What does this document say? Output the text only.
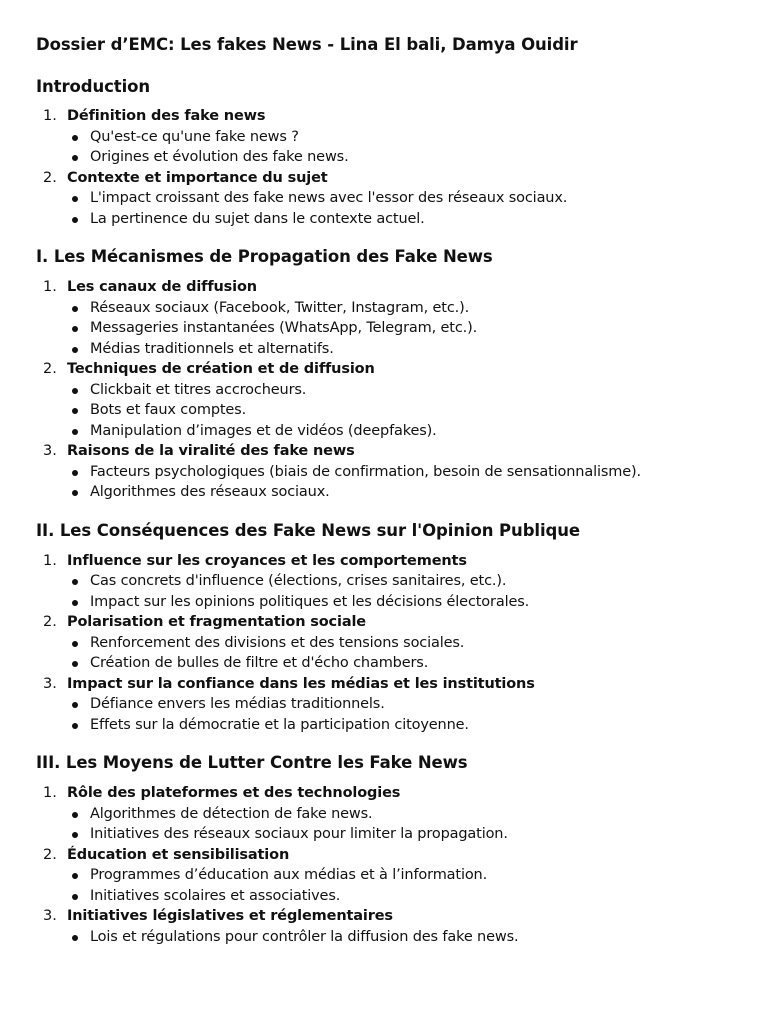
Dossier d’EMC: Les fakes News - Lina El bali, Damya Ouidir
Introduction
1. Définition des fake news
Qu'est-ce qu'une fake news ?
Origines et évolution des fake news.
2. Contexte et importance du sujet
L'impact croissant des fake news avec l'essor des réseaux sociaux.
La pertinence du sujet dans le contexte actuel.
I. Les Mécanismes de Propagation des Fake News
1. Les canaux de diffusion
Réseaux sociaux (Facebook, Twitter, Instagram, etc.).
Messageries instantanées (WhatsApp, Telegram, etc.).
Médias traditionnels et alternatifs.
2. Techniques de création et de diffusion
Clickbait et titres accrocheurs.
Bots et faux comptes.
Manipulation d’images et de vidéos (deepfakes).
3. Raisons de la viralité des fake news
Facteurs psychologiques (biais de confirmation, besoin de sensationnalisme).
Algorithmes des réseaux sociaux.
II. Les Conséquences des Fake News sur l'Opinion Publique
1. Influence sur les croyances et les comportements
Cas concrets d'influence (élections, crises sanitaires, etc.).
Impact sur les opinions politiques et les décisions électorales.
2. Polarisation et fragmentation sociale
Renforcement des divisions et des tensions sociales.
Création de bulles de filtre et d'écho chambers.
3. Impact sur la confiance dans les médias et les institutions
Défiance envers les médias traditionnels.
Effets sur la démocratie et la participation citoyenne.
III. Les Moyens de Lutter Contre les Fake News
1. Rôle des plateformes et des technologies
Algorithmes de détection de fake news.
Initiatives des réseaux sociaux pour limiter la propagation.
2. Éducation et sensibilisation
Programmes d’éducation aux médias et à l’information.
Initiatives scolaires et associatives.
3. Initiatives législatives et réglementaires
Lois et régulations pour contrôler la diffusion des fake news.
